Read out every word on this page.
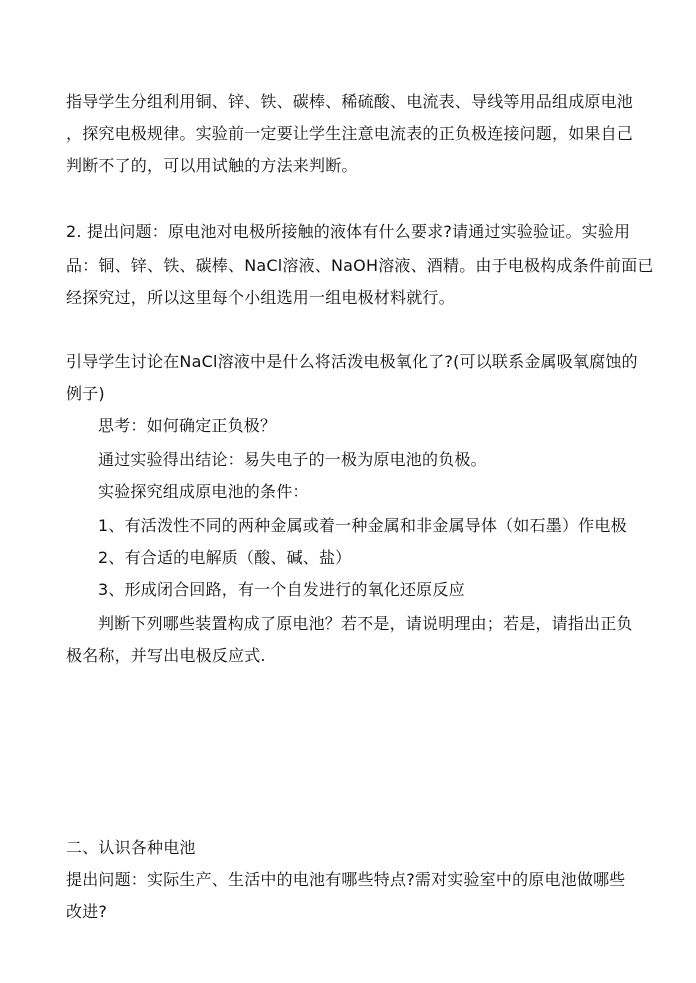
指导学生分组利用铜、锌、铁、碳棒、稀硫酸、电流表、导线等用品组成原电池
，探究电极规律。实验前一定要让学生注意电流表的正负极连接问题，如果自己
判断不了的，可以用试触的方法来判断。
2. 提出问题：原电池对电极所接触的液体有什么要求?请通过实验验证。实验用
品：铜、锌、铁、碳棒、NaCl溶液、NaOH溶液、酒精。由于电极构成条件前面已
经探究过，所以这里每个小组选用一组电极材料就行。
引导学生讨论在NaCl溶液中是什么将活泼电极氧化了?(可以联系金属吸氧腐蚀的
例子)
思考：如何确定正负极？
通过实验得出结论：易失电子的一极为原电池的负极。
实验探究组成原电池的条件：
1、有活泼性不同的两种金属或着一种金属和非金属导体（如石墨）作电极
2、有合适的电解质（酸、碱、盐）
3、形成闭合回路，有一个自发进行的氧化还原反应
判断下列哪些装置构成了原电池？若不是，请说明理由；若是，请指出正负
极名称，并写出电极反应式.
二、认识各种电池
提出问题：实际生产、生活中的电池有哪些特点?需对实验室中的原电池做哪些
改进?
